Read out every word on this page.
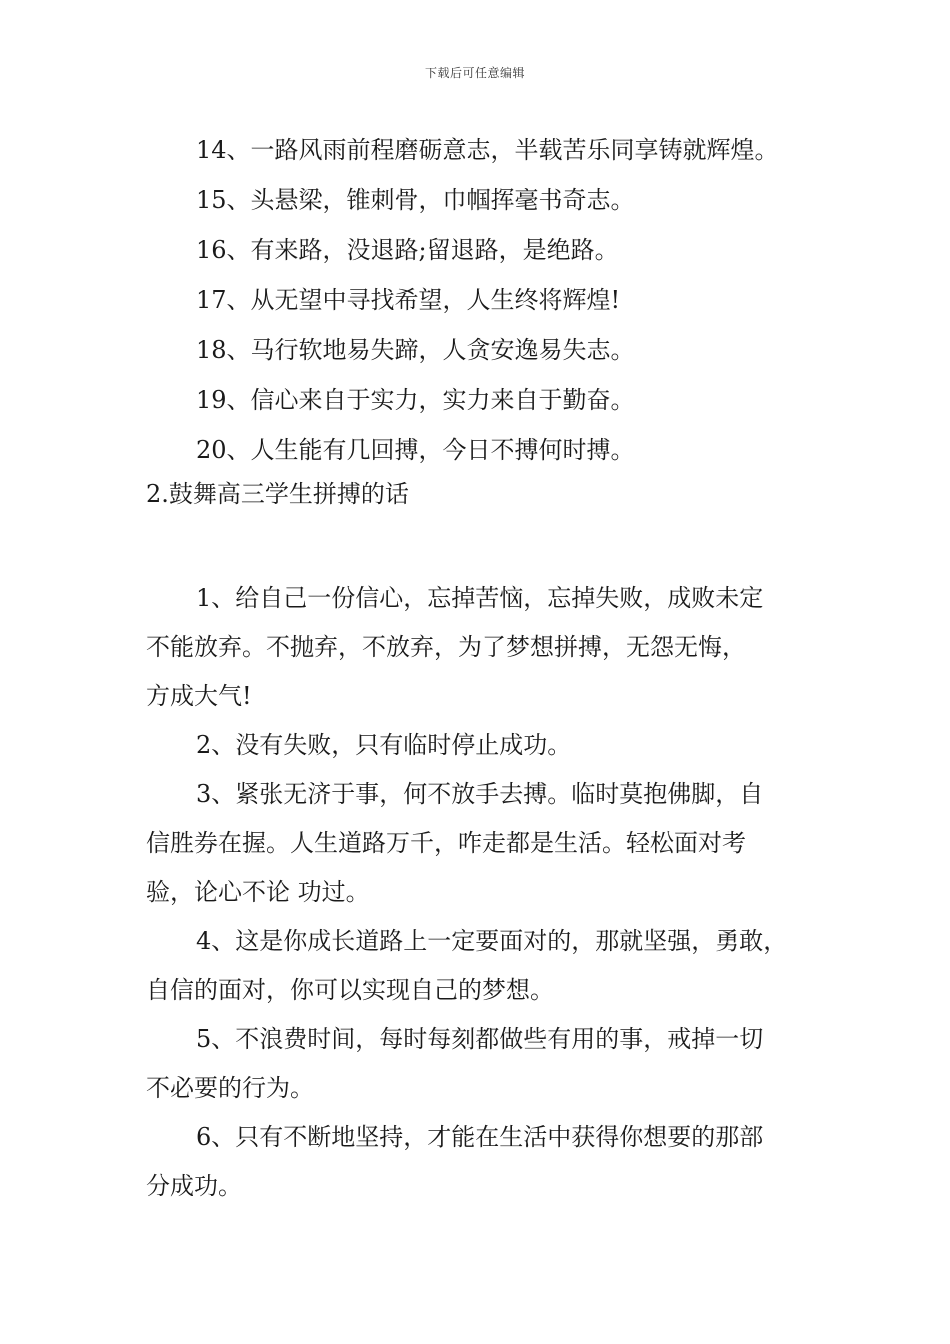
下载后可任意编辑
14、一路风雨前程磨砺意志，半载苦乐同享铸就辉煌。
15、头悬梁，锥刺骨，巾帼挥毫书奇志。
16、有来路，没退路;留退路，是绝路。
17、从无望中寻找希望，人生终将辉煌!
18、马行软地易失蹄，人贪安逸易失志。
19、信心来自于实力，实力来自于勤奋。
20、人生能有几回搏，今日不搏何时搏。
2.鼓舞高三学生拼搏的话

1、给自己一份信心，忘掉苦恼，忘掉失败，成败未定
不能放弃。不抛弃，不放弃，为了梦想拼搏，无怨无悔，
方成大气!

2、没有失败，只有临时停止成功。

3、紧张无济于事，何不放手去搏。临时莫抱佛脚，自
信胜券在握。人生道路万千，咋走都是生活。轻松面对考
验，论心不论 功过。

4、这是你成长道路上一定要面对的，那就坚强，勇敢，
自信的面对，你可以实现自己的梦想。

5、不浪费时间，每时每刻都做些有用的事，戒掉一切
不必要的行为。

6、只有不断地坚持，才能在生活中获得你想要的那部
分成功。
